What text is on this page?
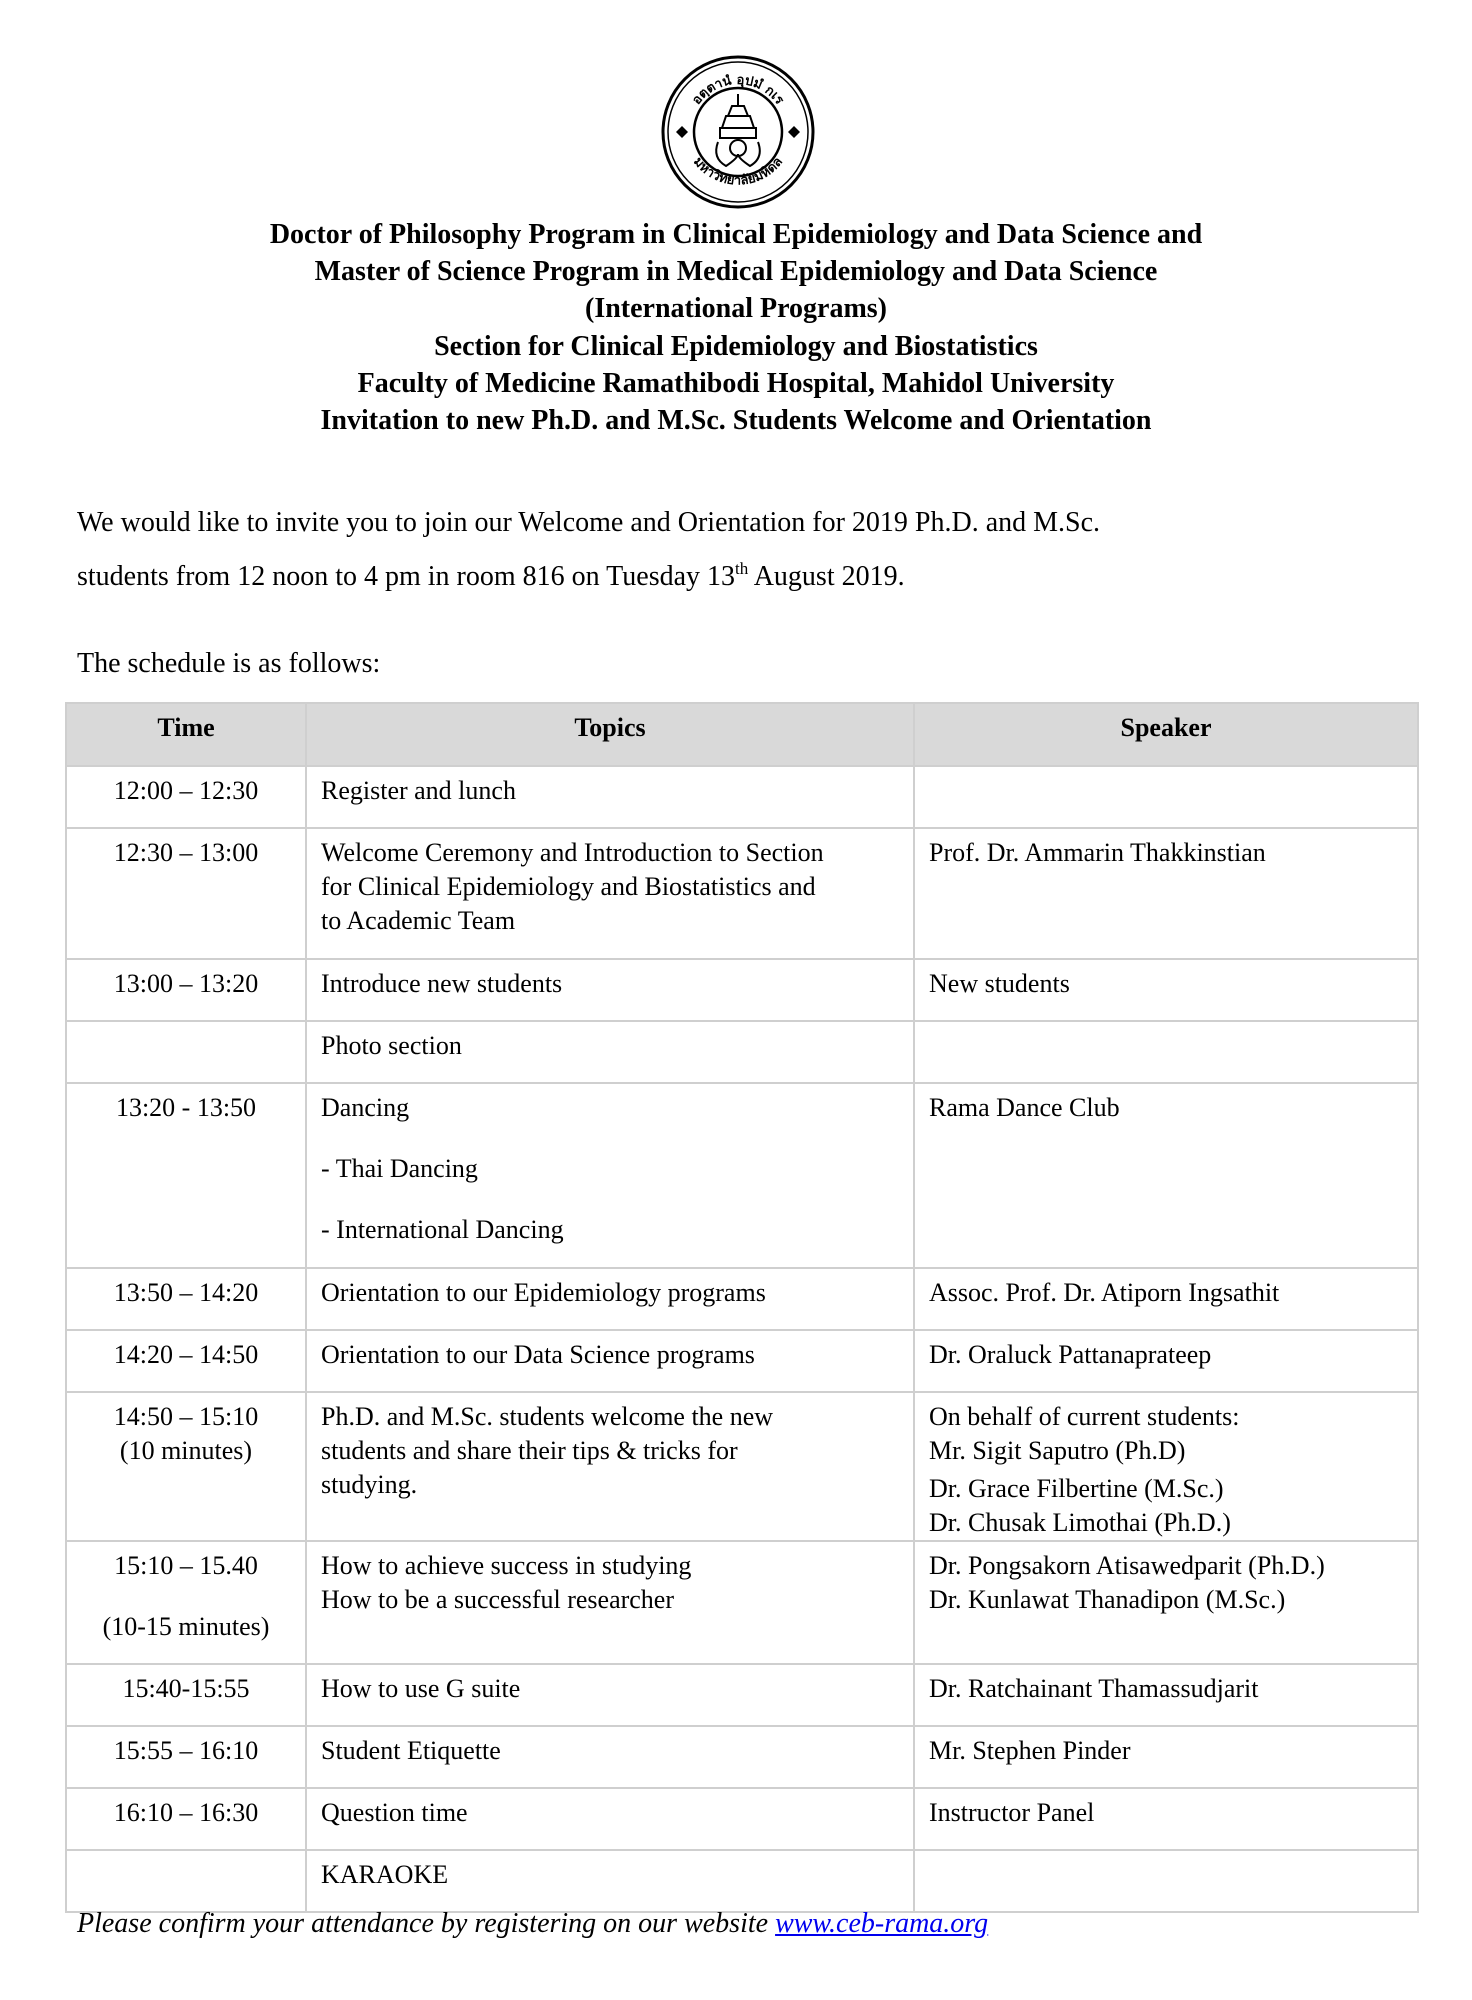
อตฺตานํ อุปมํ กเร
มหาวิทยาลัยมหิดล
Doctor of Philosophy Program in Clinical Epidemiology and Data Science and
Master of Science Program in Medical Epidemiology and Data Science
(International Programs)
Section for Clinical Epidemiology and Biostatistics
Faculty of Medicine Ramathibodi Hospital, Mahidol University
Invitation to new Ph.D. and M.Sc. Students Welcome and Orientation
We would like to invite you to join our Welcome and Orientation for 2019 Ph.D. and M.Sc.
students from 12 noon to 4 pm in room 816 on Tuesday 13th August 2019.
The schedule is as follows:
Time	Topics	Speaker

12:00 – 12:30	Register and lunch	

12:30 – 13:00	Welcome Ceremony and Introduction to Section
for Clinical Epidemiology and Biostatistics and
to Academic Team	Prof. Dr. Ammarin Thakkinstian

13:00 – 13:20	Introduce new students	New students

	Photo section	

13:20 - 13:50	Dancing
- Thai Dancing
- International Dancing	Rama Dance Club

13:50 – 14:20	Orientation to our Epidemiology programs	Assoc. Prof. Dr. Atiporn Ingsathit

14:20 – 14:50	Orientation to our Data Science programs	Dr. Oraluck Pattanaprateep

14:50 – 15:10
(10 minutes)	Ph.D. and M.Sc. students welcome the new
students and share their tips & tricks for
studying.	On behalf of current students:
Mr. Sigit Saputro (Ph.D)
Dr. Grace Filbertine (M.Sc.)
Dr. Chusak Limothai (Ph.D.)

15:10 – 15.40
(10-15 minutes)	How to achieve success in studying
How to be a successful researcher	Dr. Pongsakorn Atisawedparit (Ph.D.)
Dr. Kunlawat Thanadipon (M.Sc.)

15:40-15:55	How to use G suite	Dr. Ratchainant Thamassudjarit

15:55 – 16:10	Student Etiquette	Mr. Stephen Pinder

16:10 – 16:30	Question time	Instructor Panel

	KARAOKE	

Please confirm your attendance by registering on our website www.ceb-rama.org
